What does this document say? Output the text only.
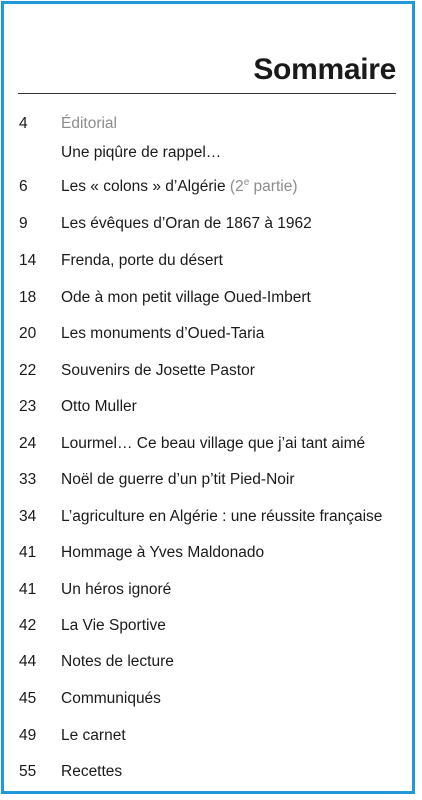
Sommaire
4	Éditorial
Une piqûre de rappel…
6	Les « colons » d’Algérie (2e partie)
9	Les évêques d’Oran de 1867 à 1962
14	Frenda, porte du désert
18	Ode à mon petit village Oued-Imbert
20	Les monuments d’Oued-Taria
22	Souvenirs de Josette Pastor
23	Otto Muller
24	Lourmel… Ce beau village que j’ai tant aimé
33	Noël de guerre d’un p’tit Pied-Noir
34	L’agriculture en Algérie : une réussite française
41	Hommage à Yves Maldonado
41	Un héros ignoré
42	La Vie Sportive
44	Notes de lecture
45	Communiqués
49	Le carnet
55	Recettes
